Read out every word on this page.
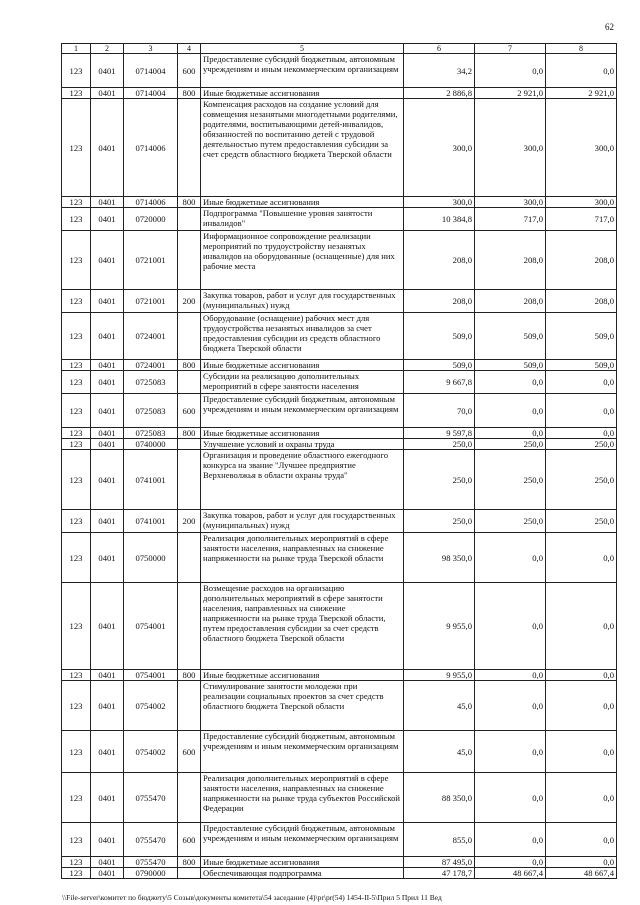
62
1	2	3	4	5	6	7	8
123	0401	0714004	600	Предоставление субсидий бюджетным, автономным учреждениям и иным некоммерческим организациям	34,2	0,0	0,0
123	0401	0714004	800	Иные бюджетные ассигнования	2 886,8	2 921,0	2 921,0
123	0401	0714006		Компенсация расходов на создание условий для совмещения незанятыми многодетными родителями, родителями, воспитывающими детей-инвалидов, обязанностей по воспитанию детей с трудовой деятельностью путем предоставления субсидии за счет средств областного бюджета Тверской области	300,0	300,0	300,0
123	0401	0714006	800	Иные бюджетные ассигнования	300,0	300,0	300,0
123	0401	0720000		Подпрограмма "Повышение уровня занятости инвалидов"	10 384,8	717,0	717,0
123	0401	0721001		Информационное сопровождение реализации мероприятий по трудоустройству незанятых инвалидов на оборудованные (оснащенные) для них рабочие места	208,0	208,0	208,0
123	0401	0721001	200	Закупка товаров, работ и услуг для государственных (муниципальных) нужд	208,0	208,0	208,0
123	0401	0724001		Оборудование (оснащение) рабочих мест для трудоустройства незанятых инвалидов за счет предоставления субсидии из средств областного бюджета Тверской области	509,0	509,0	509,0
123	0401	0724001	800	Иные бюджетные ассигнования	509,0	509,0	509,0
123	0401	0725083		Субсидии на реализацию дополнительных мероприятий в сфере занятости населения	9 667,8	0,0	0,0
123	0401	0725083	600	Предоставление субсидий бюджетным, автономным учреждениям и иным некоммерческим организациям	70,0	0,0	0,0
123	0401	0725083	800	Иные бюджетные ассигнования	9 597,8	0,0	0,0
123	0401	0740000		Улучшение условий и охраны труда	250,0	250,0	250,0
123	0401	0741001		Организация и проведение областного ежегодного конкурса на звание "Лучшее предприятие Верхневолжья в области охраны труда"	250,0	250,0	250,0
123	0401	0741001	200	Закупка товаров, работ и услуг для государственных (муниципальных) нужд	250,0	250,0	250,0
123	0401	0750000		Реализация дополнительных мероприятий в сфере занятости населения, направленных на снижение напряженности на рынке труда Тверской области	98 350,0	0,0	0,0
123	0401	0754001		Возмещение расходов на организацию дополнительных мероприятий в сфере занятости населения, направленных на снижение напряженности на рынке труда Тверской области, путем предоставления субсидии за счет средств областного бюджета Тверской области	9 955,0	0,0	0,0
123	0401	0754001	800	Иные бюджетные ассигнования	9 955,0	0,0	0,0
123	0401	0754002		Стимулирование занятости молодежи при реализации социальных проектов за счет средств областного бюджета Тверской области	45,0	0,0	0,0
123	0401	0754002	600	Предоставление субсидий бюджетным, автономным учреждениям и иным некоммерческим организациям	45,0	0,0	0,0
123	0401	0755470		Реализация дополнительных мероприятий в сфере занятости населения, направленных на снижение напряженности на рынке труда субъектов Российской Федерации	88 350,0	0,0	0,0
123	0401	0755470	600	Предоставление субсидий бюджетным, автономным учреждениям и иным некоммерческим организациям	855,0	0,0	0,0
123	0401	0755470	800	Иные бюджетные ассигнования	87 495,0	0,0	0,0
123	0401	0790000		Обеспечивающая подпрограмма	47 178,7	48 667,4	48 667,4
\\File-server\комитет по бюджету\5 Созыв\документы комитета\54 заседание (4)\pr\pr(54) 1454-II-5\Прил 5 Прил 11 Вед
